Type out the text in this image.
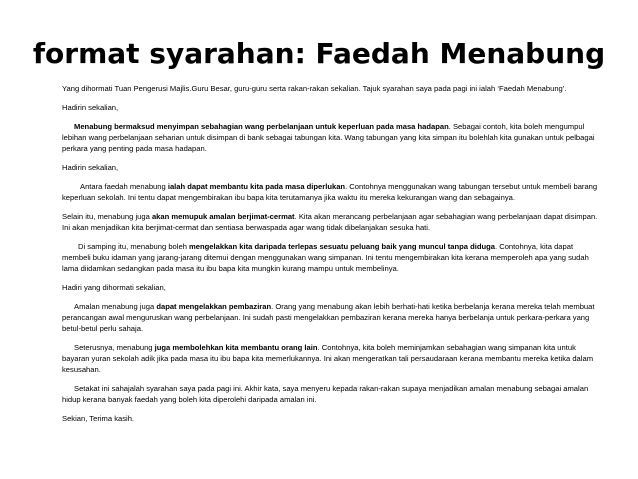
format syarahan: Faedah Menabung

Yang dihormati Tuan Pengerusi Majlis.Guru Besar, guru-guru serta rakan-rakan sekalian. Tajuk syarahan saya pada pagi ini ialah ‘Faedah Menabung’.

Hadirin sekalian,

Menabung bermaksud menyimpan sebahagian wang perbelanjaan untuk keperluan pada masa hadapan. Sebagai contoh, kita boleh mengumpul lebihan wang perbelanjaan seharian untuk disimpan di bank sebagai tabungan kita. Wang tabungan yang kita simpan itu bolehlah kita gunakan untuk pelbagai perkara yang penting pada masa hadapan.

Hadirin sekalian,

Antara faedah menabung ialah dapat membantu kita pada masa diperlukan. Contohnya menggunakan wang tabungan tersebut untuk membeli barang keperluan sekolah. Ini tentu dapat mengembirakan ibu bapa kita terutamanya jika waktu itu mereka kekurangan wang dan sebagainya.

Selain itu, menabung juga akan memupuk amalan berjimat-cermat. Kita akan merancang perbelanjaan agar sebahagian wang perbelanjaan dapat disimpan. Ini akan menjadikan kita berjimat-cermat dan sentiasa berwaspada agar wang tidak dibelanjakan sesuka hati.

Di samping itu, menabung boleh mengelakkan kita daripada terlepas sesuatu peluang baik yang muncul tanpa diduga. Contohnya, kita dapat membeli buku idaman yang jarang-jarang ditemui dengan menggunakan wang simpanan. Ini tentu mengembirakan kita kerana memperoleh apa yang sudah lama diidamkan sedangkan pada masa itu ibu bapa kita mungkin kurang mampu untuk membelinya.

Hadiri yang dihormati sekalian,

Amalan menabung juga dapat mengelakkan pembaziran. Orang yang menabung akan lebih berhati-hati ketika berbelanja kerana mereka telah membuat perancangan awal menguruskan wang perbelanjaan. Ini sudah pasti mengelakkan pembaziran kerana mereka hanya berbelanja untuk perkara-perkara yang betul-betul perlu sahaja.

Seterusnya, menabung juga membolehkan kita membantu orang lain. Contohnya, kita boleh meminjamkan sebahagian wang simpanan kita untuk bayaran yuran sekolah adik jika pada masa itu ibu bapa kita memerlukannya. Ini akan mengeratkan tali persaudaraan kerana membantu mereka ketika dalam kesusahan.

Setakat ini sahajalah syarahan saya pada pagi ini. Akhir kata, saya menyeru kepada rakan-rakan supaya menjadikan amalan menabung sebagai amalan hidup kerana banyak faedah yang boleh kita diperolehi daripada amalan ini.

Sekian, Terima kasih.
